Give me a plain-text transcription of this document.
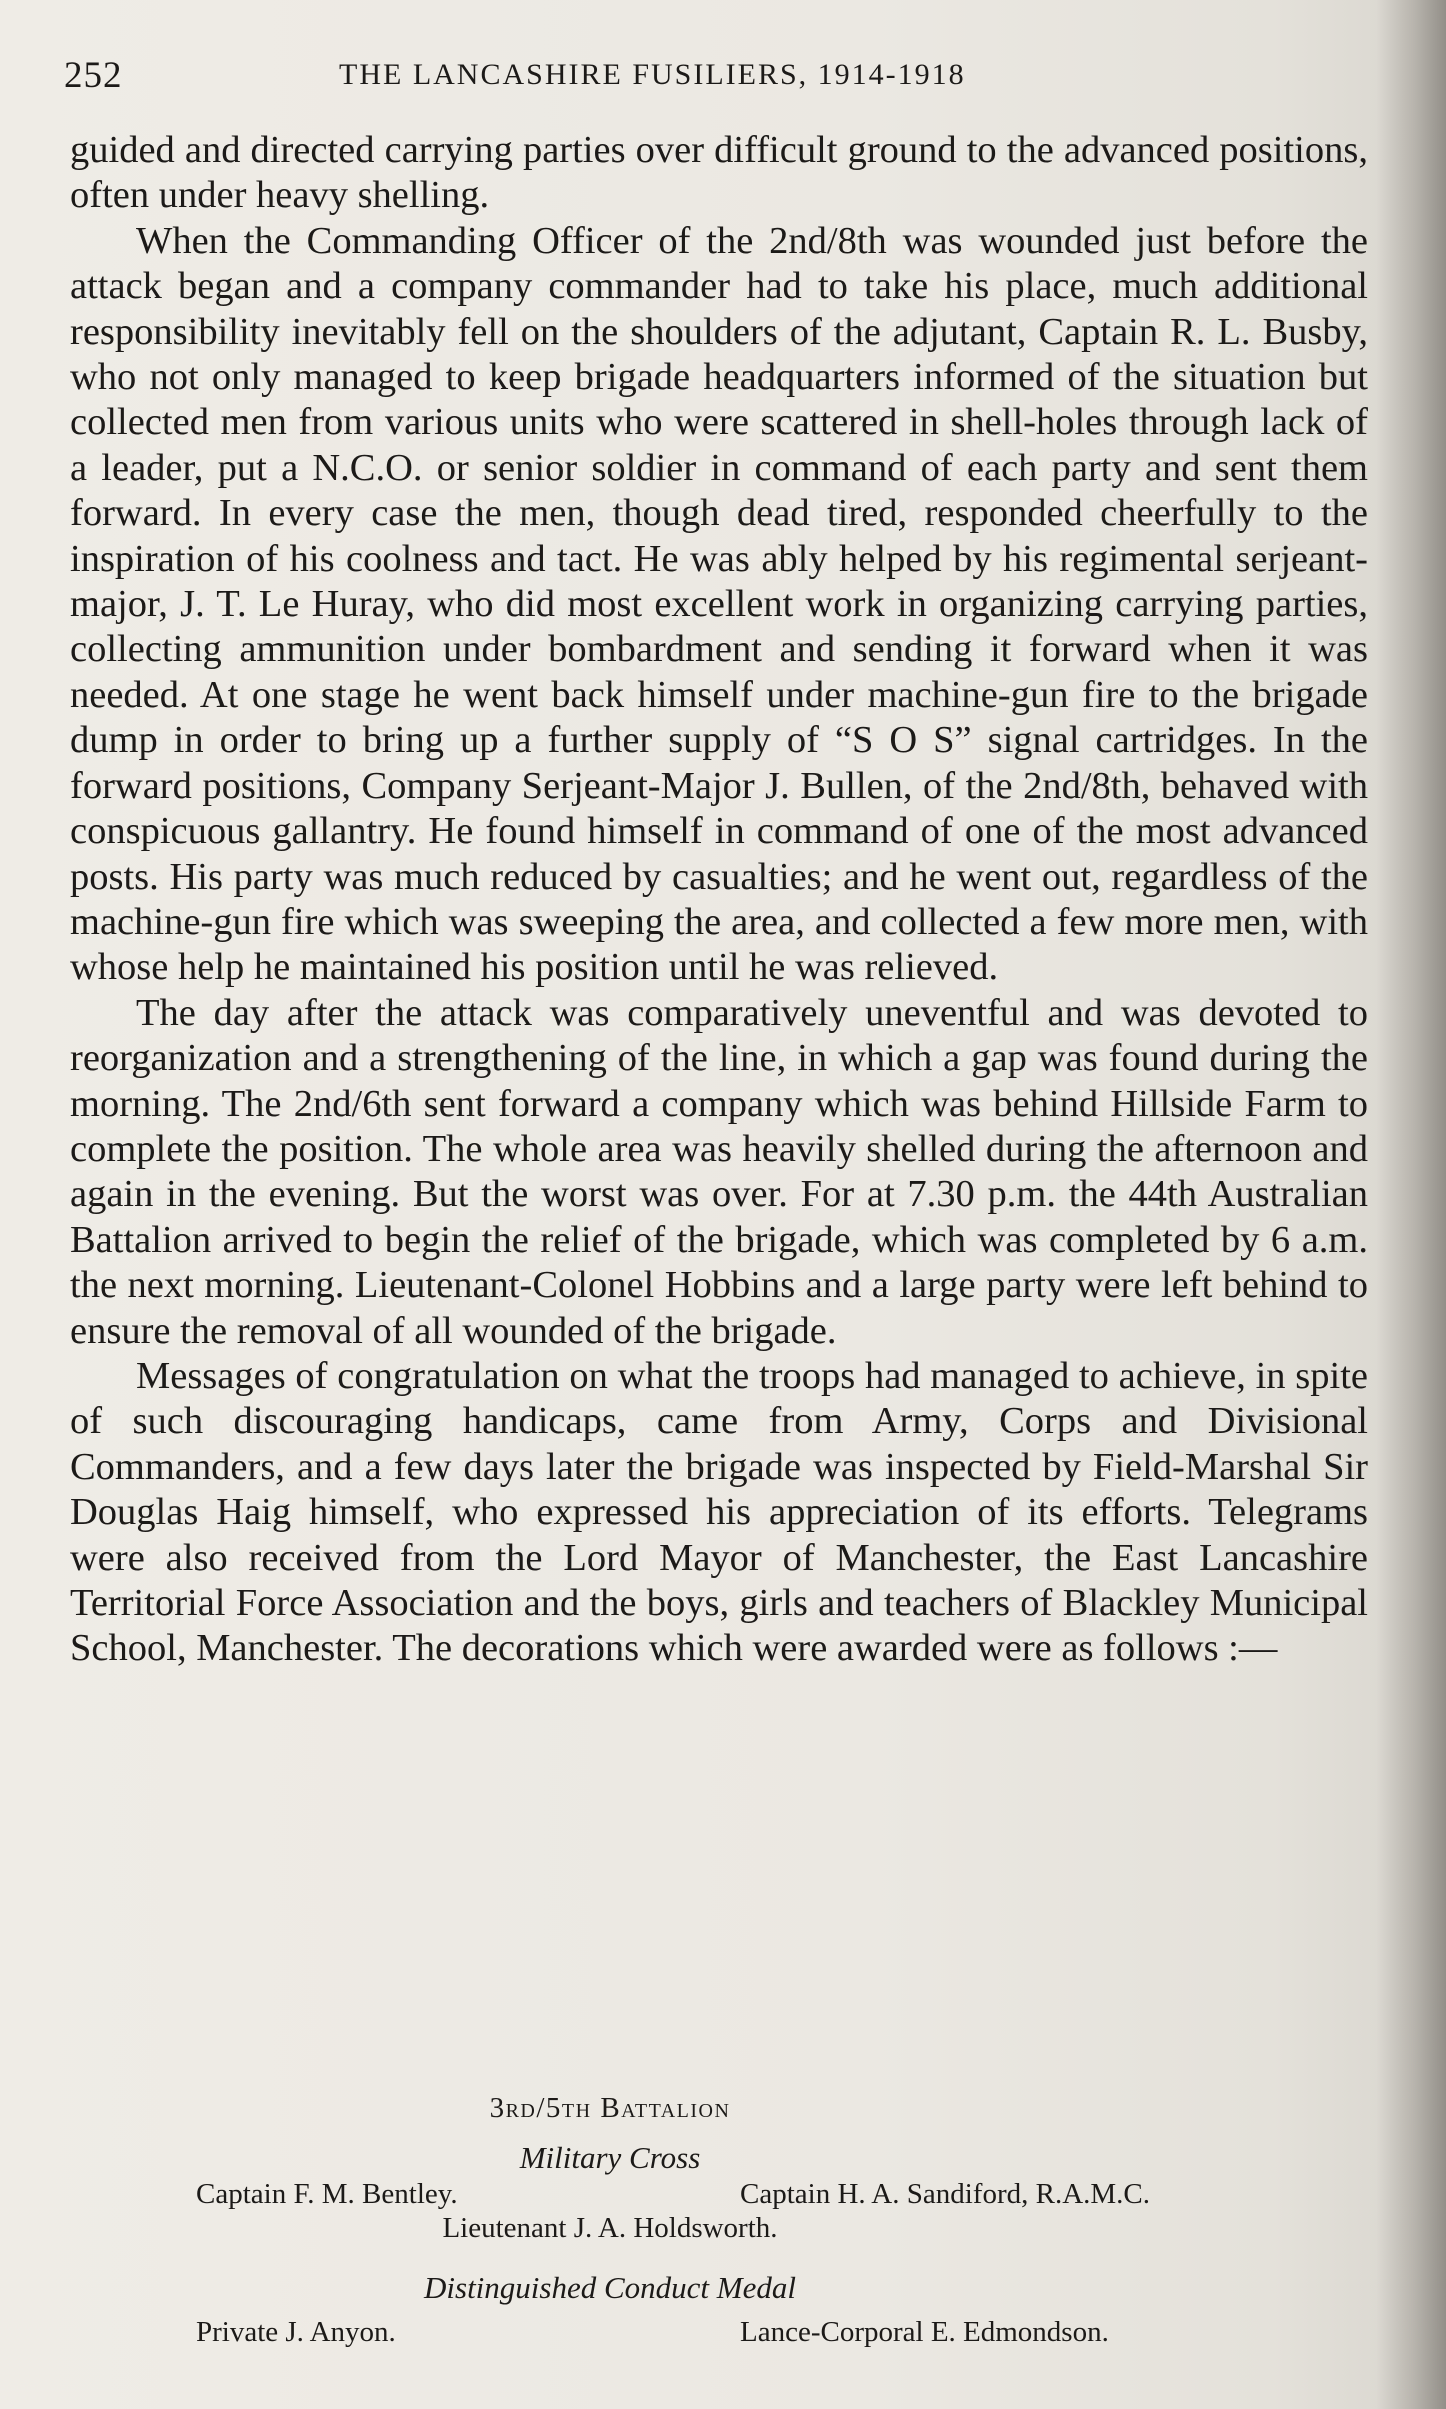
252	THE LANCASHIRE FUSILIERS, 1914-1918

guided and directed carrying parties over difficult ground to the advanced positions, often under heavy shelling.

When the Commanding Officer of the 2nd/8th was wounded just before the attack began and a company commander had to take his place, much additional responsibility inevitably fell on the shoulders of the adjutant, Captain R. L. Busby, who not only managed to keep brigade headquarters informed of the situation but collected men from various units who were scattered in shell-holes through lack of a leader, put a N.C.O. or senior soldier in command of each party and sent them forward. In every case the men, though dead tired, responded cheerfully to the inspiration of his coolness and tact. He was ably helped by his regimental serjeant-major, J. T. Le Huray, who did most excellent work in organizing carrying parties, collecting ammunition under bombardment and sending it forward when it was needed. At one stage he went back himself under machine-gun fire to the brigade dump in order to bring up a further supply of “S O S” signal cartridges. In the forward positions, Company Serjeant-Major J. Bullen, of the 2nd/8th, behaved with conspicuous gallantry. He found himself in command of one of the most advanced posts. His party was much reduced by casualties; and he went out, regardless of the machine-gun fire which was sweeping the area, and collected a few more men, with whose help he maintained his position until he was relieved.

The day after the attack was comparatively uneventful and was devoted to reorganization and a strengthening of the line, in which a gap was found during the morning. The 2nd/6th sent forward a company which was behind Hillside Farm to complete the position. The whole area was heavily shelled during the afternoon and again in the evening. But the worst was over. For at 7.30 p.m. the 44th Australian Battalion arrived to begin the relief of the brigade, which was completed by 6 a.m. the next morning. Lieutenant-Colonel Hobbins and a large party were left behind to ensure the removal of all wounded of the brigade.

Messages of congratulation on what the troops had managed to achieve, in spite of such discouraging handicaps, came from Army, Corps and Divisional Commanders, and a few days later the brigade was inspected by Field-Marshal Sir Douglas Haig himself, who expressed his appreciation of its efforts. Telegrams were also received from the Lord Mayor of Manchester, the East Lancashire Territorial Force Association and the boys, girls and teachers of Blackley Municipal School, Manchester. The decorations which were awarded were as follows :—

3rd/5th Battalion
Military Cross
Captain F. M. Bentley.	Captain H. A. Sandiford, R.A.M.C.
Lieutenant J. A. Holdsworth.
Distinguished Conduct Medal
Private J. Anyon.	Lance-Corporal E. Edmondson.
